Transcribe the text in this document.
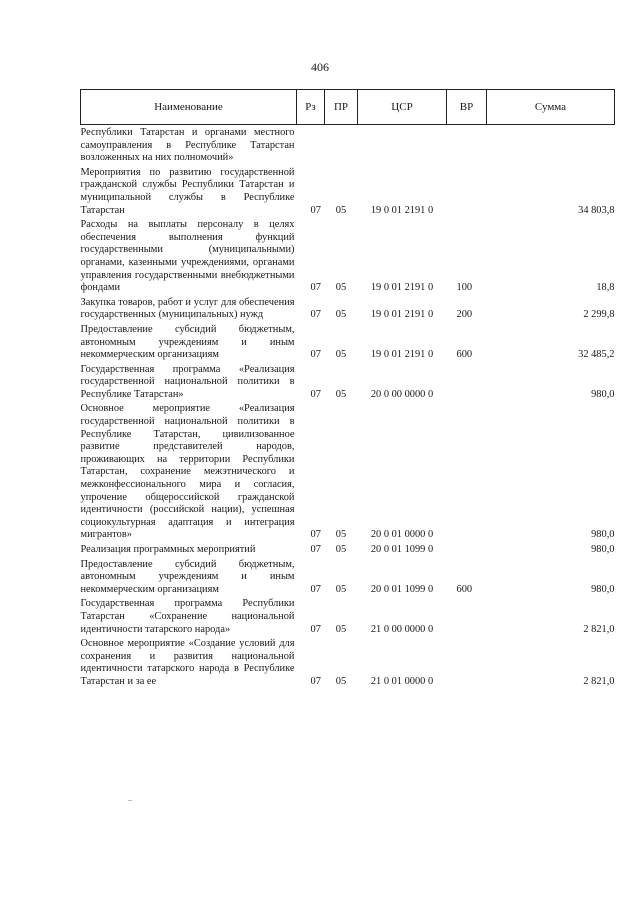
406
Наименование	Рз	ПР	ЦСР	ВР	Сумма
Республики Татарстан и органами местного самоуправления в Республике Татарстан возложенных на них полномочий»					
Мероприятия по развитию государственной гражданской службы Республики Татарстан и муниципальной службы в Республике Татарстан	07	05	19 0 01 2191 0		34 803,8
Расходы на выплаты персоналу в целях обеспечения выполнения функций государственными (муниципальными) органами, казенными учреждениями, органами управления государственными внебюджетными фондами	07	05	19 0 01 2191 0	100	18,8
Закупка товаров, работ и услуг для обеспечения государственных (муниципальных) нужд	07	05	19 0 01 2191 0	200	2 299,8
Предоставление субсидий бюджетным, автономным учреждениям и иным некоммерческим организациям	07	05	19 0 01 2191 0	600	32 485,2
Государственная программа «Реализация государственной национальной политики в Республике Татарстан»	07	05	20 0 00 0000 0		980,0
Основное мероприятие «Реализация государственной национальной политики в Республике Татарстан, цивилизованное развитие представителей народов, проживающих на территории Республики Татарстан, сохранение межэтнического и межконфессионального мира и согласия, упрочение общероссийской гражданской идентичности (российской нации), успешная социокультурная адаптация и интеграция мигрантов»	07	05	20 0 01 0000 0		980,0
Реализация программных мероприятий	07	05	20 0 01 1099 0		980,0
Предоставление субсидий бюджетным, автономным учреждениям и иным некоммерческим организациям	07	05	20 0 01 1099 0	600	980,0
Государственная программа Республики Татарстан «Сохранение национальной идентичности татарского народа»	07	05	21 0 00 0000 0		2 821,0
Основное мероприятие «Создание условий для сохранения и развития национальной идентичности татарского народа в Республике Татарстан и за ее	07	05	21 0 01 0000 0		2 821,0
